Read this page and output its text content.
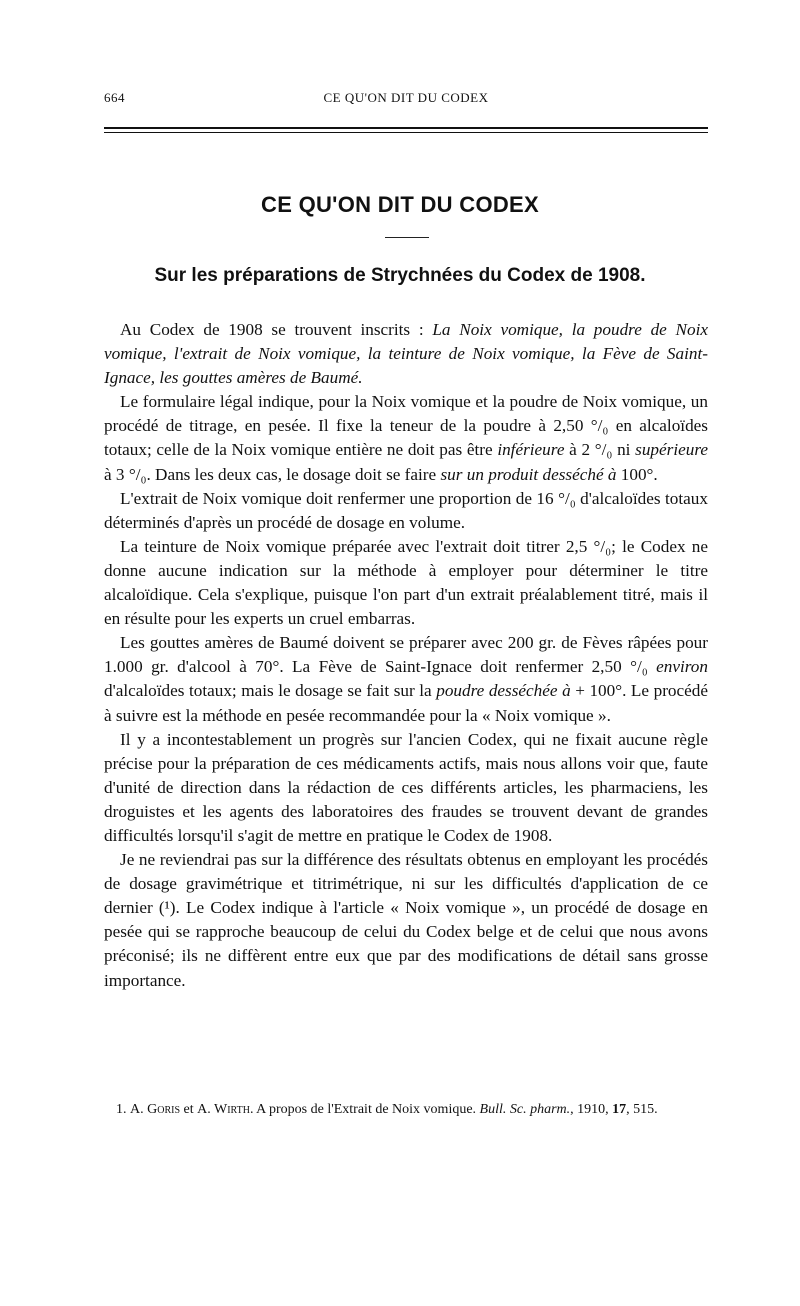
664	CE QU'ON DIT DU CODEX
CE QU'ON DIT DU CODEX
Sur les préparations de Strychnées du Codex de 1908.

Au Codex de 1908 se trouvent inscrits : La Noix vomique, la poudre de Noix vomique, l'extrait de Noix vomique, la teinture de Noix vomique, la Fève de Saint-Ignace, les gouttes amères de Baumé.

Le formulaire légal indique, pour la Noix vomique et la poudre de Noix vomique, un procédé de titrage, en pesée. Il fixe la teneur de la poudre à 2,50 °/₀ en alcaloïdes totaux; celle de la Noix vomique entière ne doit pas être inférieure à 2 °/₀ ni supérieure à 3 °/₀. Dans les deux cas, le dosage doit se faire sur un produit desséché à 100°.

L'extrait de Noix vomique doit renfermer une proportion de 16 °/₀ d'alcaloïdes totaux déterminés d'après un procédé de dosage en volume.

La teinture de Noix vomique préparée avec l'extrait doit titrer 2,5 °/₀; le Codex ne donne aucune indication sur la méthode à employer pour déterminer le titre alcaloïdique. Cela s'explique, puisque l'on part d'un extrait préalablement titré, mais il en résulte pour les experts un cruel embarras.

Les gouttes amères de Baumé doivent se préparer avec 200 gr. de Fèves râpées pour 1.000 gr. d'alcool à 70°. La Fève de Saint-Ignace doit renfermer 2,50 °/₀ environ d'alcaloïdes totaux; mais le dosage se fait sur la poudre desséchée à + 100°. Le procédé à suivre est la méthode en pesée recommandée pour la « Noix vomique ».

Il y a incontestablement un progrès sur l'ancien Codex, qui ne fixait aucune règle précise pour la préparation de ces médicaments actifs, mais nous allons voir que, faute d'unité de direction dans la rédaction de ces différents articles, les pharmaciens, les droguistes et les agents des laboratoires des fraudes se trouvent devant de grandes difficultés lorsqu'il s'agit de mettre en pratique le Codex de 1908.

Je ne reviendrai pas sur la différence des résultats obtenus en employant les procédés de dosage gravimétrique et titrimétrique, ni sur les difficultés d'application de ce dernier (¹). Le Codex indique à l'article « Noix vomique », un procédé de dosage en pesée qui se rapproche beaucoup de celui du Codex belge et de celui que nous avons préconisé; ils ne diffèrent entre eux que par des modifications de détail sans grosse importance.

1. A. Goris et A. Wirth. A propos de l'Extrait de Noix vomique. Bull. Sc. pharm., 1910, 17, 515.
